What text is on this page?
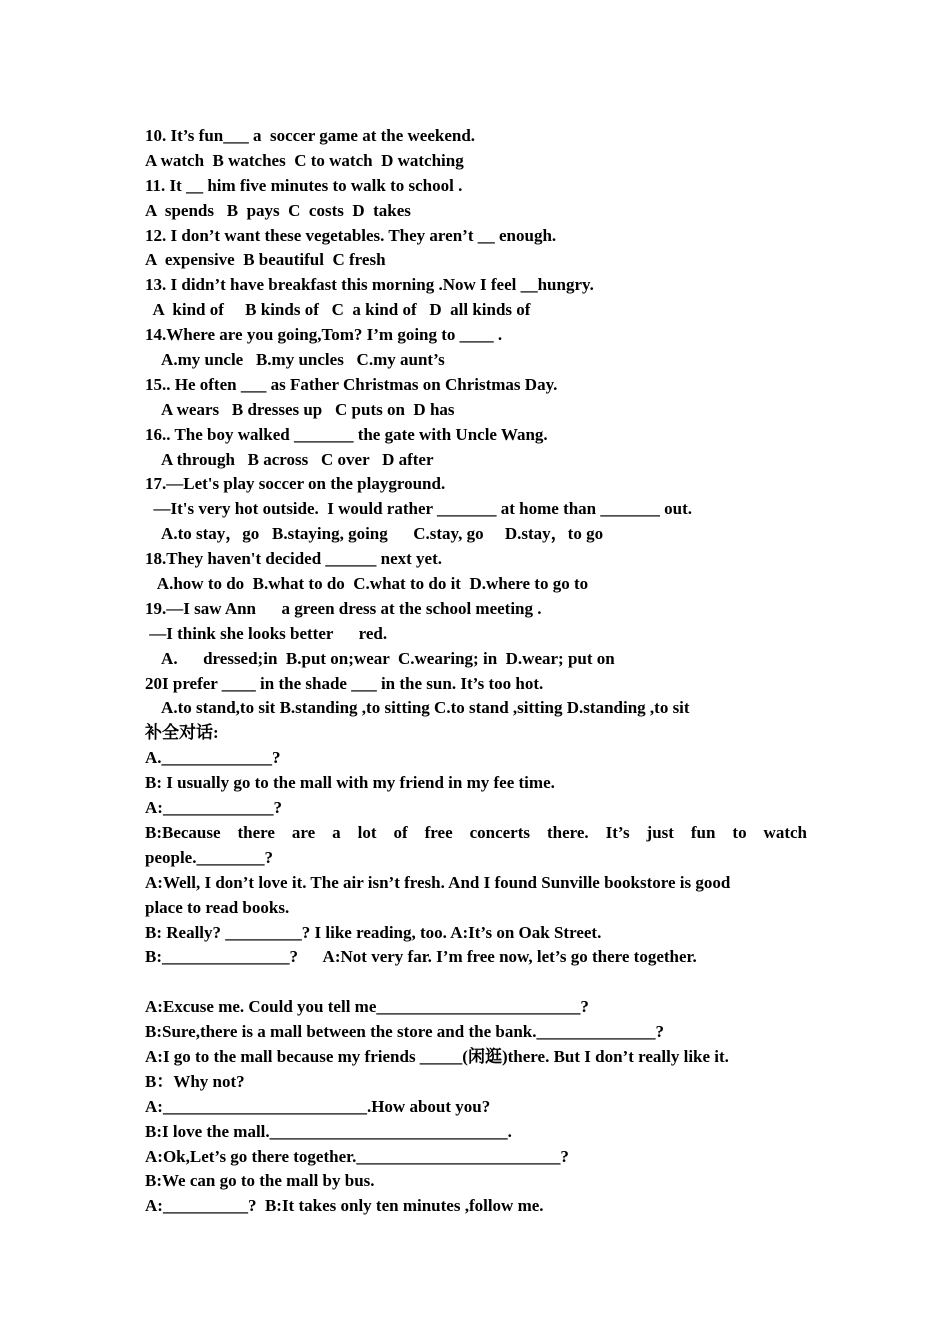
10. It’s fun___ a  soccer game at the weekend.
A watch  B watches  C to watch  D watching
11. It __ him five minutes to walk to school .
A  spends   B  pays  C  costs  D  takes
12. I don’t want these vegetables. They aren’t __ enough.
A  expensive  B beautiful  C fresh
13. I didn’t have breakfast this morning .Now I feel __hungry.
A  kind of     B kinds of   C  a kind of   D  all kinds of
14.Where are you going,Tom? I’m going to ____ .
A.my uncle   B.my uncles   C.my aunt’s
15.. He often ___ as Father Christmas on Christmas Day.
A wears   B dresses up   C puts on  D has
16.. The boy walked _______ the gate with Uncle Wang.
A through   B across   C over   D after
17.—Let's play soccer on the playground.
—It's very hot outside.  I would rather _______ at home than _______ out.
A.to stay，go   B.staying, going      C.stay, go     D.stay，to go
18.They haven't decided ______ next yet.
A.how to do  B.what to do  C.what to do it  D.where to go to
19.—I saw Ann      a green dress at the school meeting .
—I think she looks better      red.
A.      dressed;in  B.put on;wear  C.wearing; in  D.wear; put on
20I prefer ____ in the shade ___ in the sun. It’s too hot.
A.to stand,to sit B.standing ,to sitting C.to stand ,sitting D.standing ,to sit
补全对话:
A._____________?
B: I usually go to the mall with my friend in my fee time.
A:_____________?
B:Because there are a lot of free concerts there. It’s just fun to watch
people.________?
A:Well, I don’t love it. The air isn’t fresh. And I found Sunville bookstore is good
place to read books.
B: Really? _________? I like reading, too. A:It’s on Oak Street.
B:_______________?      A:Not very far. I’m free now, let’s go there together.
A:Excuse me. Could you tell me________________________?
B:Sure,there is a mall between the store and the bank.______________?
A:I go to the mall because my friends _____(闲逛)there. But I don’t really like it.
B：Why not?
A:________________________.How about you?
B:I love the mall.____________________________.
A:Ok,Let’s go there together.________________________?
B:We can go to the mall by bus.
A:__________?  B:It takes only ten minutes ,follow me.
